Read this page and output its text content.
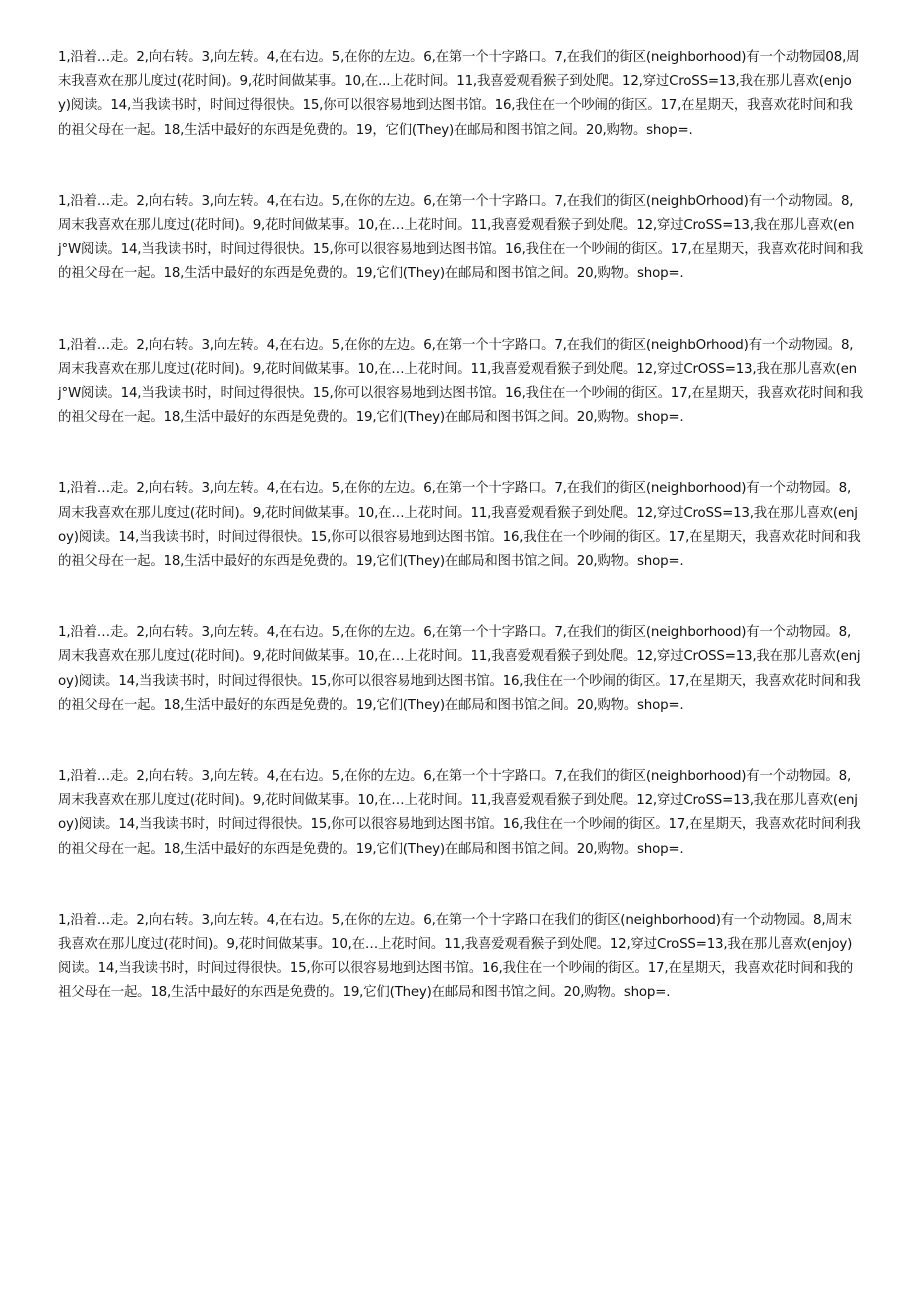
1,沿着…走。2,向右转。3,向左转。4,在右边。5,在你的左边。6,在第一个十字路口。7,在我们的街区(neighborhood)有一个动物园08,周末我喜欢在那儿度过(花时间)。9,花时间做某事。10,在...上花时间。11,我喜爱观看猴子到处爬。12,穿过CroSS=13,我在那儿喜欢(enjoy)阅读。14,当我读书时，时间过得很快。15,你可以很容易地到达图书馆。16,我住在一个吵闹的街区。17,在星期天，我喜欢花时间和我的祖父母在一起。18,生活中最好的东西是免费的。19，它们(They)在邮局和图书馆之间。20,购物。shop=.

1,沿着…走。2,向右转。3,向左转。4,在右边。5,在你的左边。6,在第一个十字路口。7,在我们的街区(neighbOrhood)有一个动物园。8,周末我喜欢在那儿度过(花时间)。9,花时间做某事。10,在…上花时间。11,我喜爱观看猴子到处爬。12,穿过CroSS=13,我在那儿喜欢(enj°W阅读。14,当我读书时，时间过得很快。15,你可以很容易地到达图书馆。16,我住在一个吵闹的街区。17,在星期天，我喜欢花时间和我的祖父母在一起。18,生活中最好的东西是免费的。19,它们(They)在邮局和图书馆之间。20,购物。shop=.

1,沿着…走。2,向右转。3,向左转。4,在右边。5,在你的左边。6,在第一个十字路口。7,在我们的街区(neighbOrhood)有一个动物园。8,周末我喜欢在那儿度过(花时间)。9,花时间做某事。10,在…上花时间。11,我喜爱观看猴子到处爬。12,穿过CrOSS=13,我在那儿喜欢(enj°W阅读。14,当我读书时，时间过得很快。15,你可以很容易地到达图书馆。16,我住在一个吵闹的街区。17,在星期天，我喜欢花时间和我的祖父母在一起。18,生活中最好的东西是免费的。19,它们(They)在邮局和图书饵之间。20,购物。shop=.

1,沿着…走。2,向右转。3,向左转。4,在右边。5,在你的左边。6,在第一个十字路口。7,在我们的街区(neighborhood)有一个动物园。8,周末我喜欢在那儿度过(花时间)。9,花时间做某事。10,在…上花时间。11,我喜爱观看猴子到处爬。12,穿过CroSS=13,我在那儿喜欢(enjoy)阅读。14,当我读书时，时间过得很快。15,你可以很容易地到达图书馆。16,我住在一个吵闹的街区。17,在星期天，我喜欢花时间和我的祖父母在一起。18,生活中最好的东西是免费的。19,它们(They)在邮局和图书馆之间。20,购物。shop=.

1,沿着…走。2,向右转。3,向左转。4,在右边。5,在你的左边。6,在第一个十字路口。7,在我们的街区(neighborhood)有一个动物园。8,周末我喜欢在那儿度过(花时间)。9,花时间做某事。10,在…上花时间。11,我喜爱观看猴子到处爬。12,穿过CrOSS=13,我在那儿喜欢(enjoy)阅读。14,当我读书时，时间过得很快。15,你可以很容易地到达图书馆。16,我住在一个吵闹的街区。17,在星期天，我喜欢花时间和我的祖父母在一起。18,生活中最好的东西是免费的。19,它们(They)在邮局和图书馆之间。20,购物。shop=.

1,沿着…走。2,向右转。3,向左转。4,在右边。5,在你的左边。6,在第一个十字路口。7,在我们的街区(neighborhood)有一个动物园。8,周末我喜欢在那儿度过(花时间)。9,花时间做某事。10,在…上花时间。11,我喜爱观看猴子到处爬。12,穿过CroSS=13,我在那儿喜欢(enjoy)阅读。14,当我读书时，时间过得很快。15,你可以很容易地到达图书馆。16,我住在一个吵闹的街区。17,在星期天，我喜欢花时间利我的祖父母在一起。18,生活中最好的东西是免费的。19,它们(They)在邮局和图书馆之间。20,购物。shop=.

1,沿着…走。2,向右转。3,向左转。4,在右边。5,在你的左边。6,在第一个十字路口在我们的街区(neighborhood)有一个动物园。8,周末我喜欢在那儿度过(花时间)。9,花时间做某事。10,在…上花时间。11,我喜爱观看猴子到处爬。12,穿过CroSS=13,我在那儿喜欢(enjoy)阅读。14,当我读书时，时间过得很快。15,你可以很容易地到达图书馆。16,我住在一个吵闹的街区。17,在星期天，我喜欢花时间和我的祖父母在一起。18,生活中最好的东西是免费的。19,它们(They)在邮局和图书馆之间。20,购物。shop=.
